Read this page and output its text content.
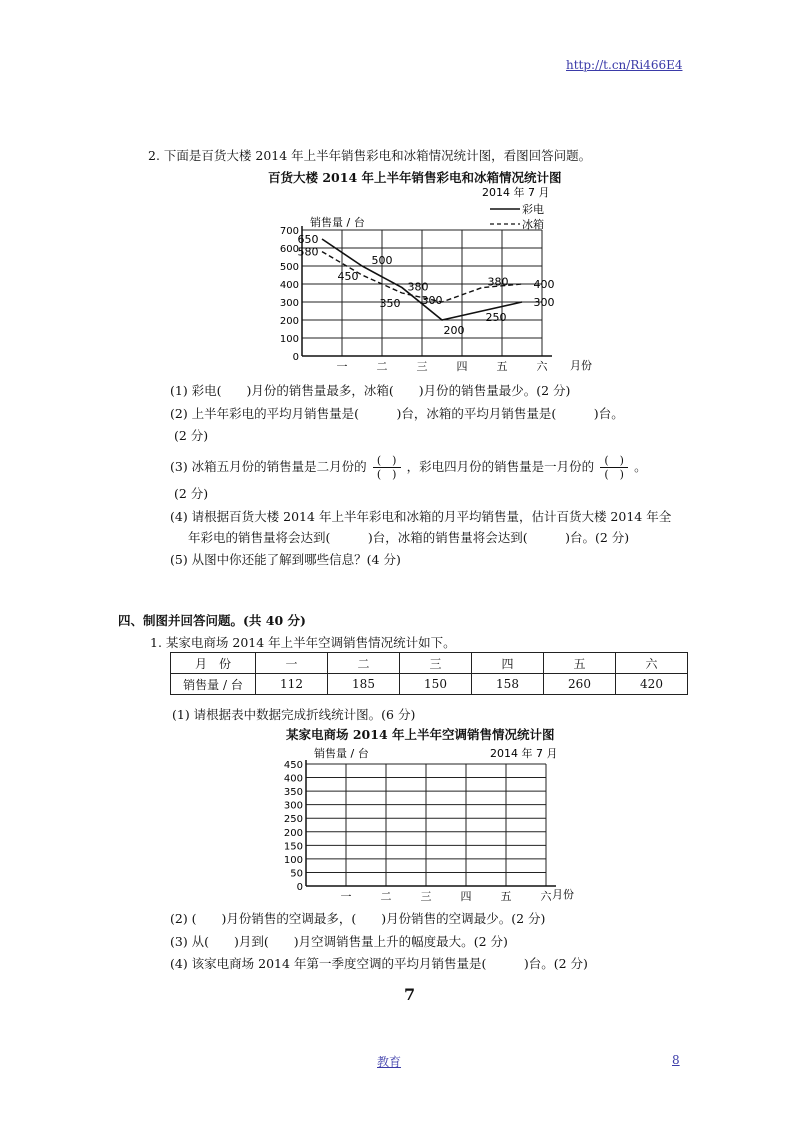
http://t.cn/Ri466E4
2. 下面是百货大楼 2014 年上半年销售彩电和冰箱情况统计图，看图回答问题。
百货大楼 2014 年上半年销售彩电和冰箱情况统计图
2014 年 7 月
彩电
冰箱
销售量 / 台
0
100
200
300
400
500
600
700
一	二	三	四	五	六
650
500
380
200
250
300
580
450
350 300
380 400
月份
(1) 彩电(　　)月份的销售量最多，冰箱(　　)月份的销售量最少。(2 分)
(2) 上半年彩电的平均月销售量是(　　　)台，冰箱的平均月销售量是(　　　)台。
(2 分)
(3) 冰箱五月份的销售量是二月份的 (　)

(　) ，彩电四月份的销售量是一月份的 (　)

(　) 。
(2 分)
(4) 请根据百货大楼 2014 年上半年彩电和冰箱的月平均销售量，估计百货大楼 2014 年全
年彩电的销售量将会达到(　　　)台，冰箱的销售量将会达到(　　　)台。(2 分)
(5) 从图中你还能了解到哪些信息？(4 分)
四、制图并回答问题。(共 40 分)
1. 某家电商场 2014 年上半年空调销售情况统计如下。
月　份	一	二	三	四	五	六
销售量 / 台	112	185	150	158	260	420
(1) 请根据表中数据完成折线统计图。(6 分)
某家电商场 2014 年上半年空调销售情况统计图
销售量 / 台	2014 年 7 月
0
50
100
150
200
250
300
350
400
450
一	二	三	四	五	六 月份
(2) (　　)月份销售的空调最多，(　　)月份销售的空调最少。(2 分)
(3) 从(　　)月到(　　)月空调销售量上升的幅度最大。(2 分)
(4) 该家电商场 2014 年第一季度空调的平均月销售量是(　　　)台。(2 分)
7
教育	8
